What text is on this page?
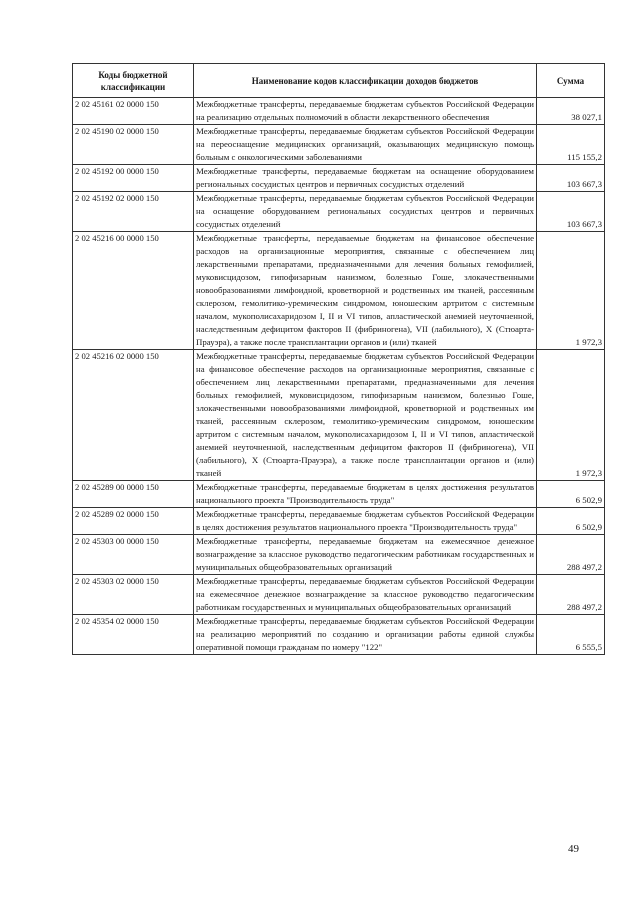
Коды бюджетной классификации	Наименование кодов классификации доходов бюджетов	Сумма
2 02 45161 02 0000 150	Межбюджетные трансферты, передаваемые бюджетам субъектов Российской Федерации на реализацию отдельных полномочий в области лекарственного обеспечения	38 027,1
2 02 45190 02 0000 150	Межбюджетные трансферты, передаваемые бюджетам субъектов Российской Федерации на переоснащение медицинских организаций, оказывающих медицинскую помощь больным с онкологическими заболеваниями	115 155,2
2 02 45192 00 0000 150	Межбюджетные трансферты, передаваемые бюджетам на оснащение оборудованием региональных сосудистых центров и первичных сосудистых отделений	103 667,3
2 02 45192 02 0000 150	Межбюджетные трансферты, передаваемые бюджетам субъектов Российской Федерации на оснащение оборудованием региональных сосудистых центров и первичных сосудистых отделений	103 667,3
2 02 45216 00 0000 150	Межбюджетные трансферты, передаваемые бюджетам на финансовое обеспечение расходов на организационные мероприятия, связанные с обеспечением лиц лекарственными препаратами, предназначенными для лечения больных гемофилией, муковисцидозом, гипофизарным нанизмом, болезнью Гоше, злокачественными новообразованиями лимфоидной, кроветворной и родственных им тканей, рассеянным склерозом, гемолитико-уремическим синдромом, юношеским артритом с системным началом, мукополисахаридозом I, II и VI типов, апластической анемией неуточненной, наследственным дефицитом факторов II (фибриногена), VII (лабильного), X (Стюарта-Прауэра), а также после трансплантации органов и (или) тканей	1 972,3
2 02 45216 02 0000 150	Межбюджетные трансферты, передаваемые бюджетам субъектов Российской Федерации на финансовое обеспечение расходов на организационные мероприятия, связанные с обеспечением лиц лекарственными препаратами, предназначенными для лечения больных гемофилией, муковисцидозом, гипофизарным нанизмом, болезнью Гоше, злокачественными новообразованиями лимфоидной, кроветворной и родственных им тканей, рассеянным склерозом, гемолитико-уремическим синдромом, юношеским артритом с системным началом, мукополисахаридозом I, II и VI типов, апластической анемией неуточненной, наследственным дефицитом факторов II (фибриногена), VII (лабильного), X (Стюарта-Прауэра), а также после трансплантации органов и (или) тканей	1 972,3
2 02 45289 00 0000 150	Межбюджетные трансферты, передаваемые бюджетам в целях достижения результатов национального проекта "Производительность труда"	6 502,9
2 02 45289 02 0000 150	Межбюджетные трансферты, передаваемые бюджетам субъектов Российской Федерации в целях достижения результатов национального проекта "Производительность труда"	6 502,9
2 02 45303 00 0000 150	Межбюджетные трансферты, передаваемые бюджетам на ежемесячное денежное вознаграждение за классное руководство педагогическим работникам государственных и муниципальных общеобразовательных организаций	288 497,2
2 02 45303 02 0000 150	Межбюджетные трансферты, передаваемые бюджетам субъектов Российской Федерации на ежемесячное денежное вознаграждение за классное руководство педагогическим работникам государственных и муниципальных общеобразовательных организаций	288 497,2
2 02 45354 02 0000 150	Межбюджетные трансферты, передаваемые бюджетам субъектов Российской Федерации на реализацию мероприятий по созданию и организации работы единой службы оперативной помощи гражданам по номеру "122"	6 555,5
49
